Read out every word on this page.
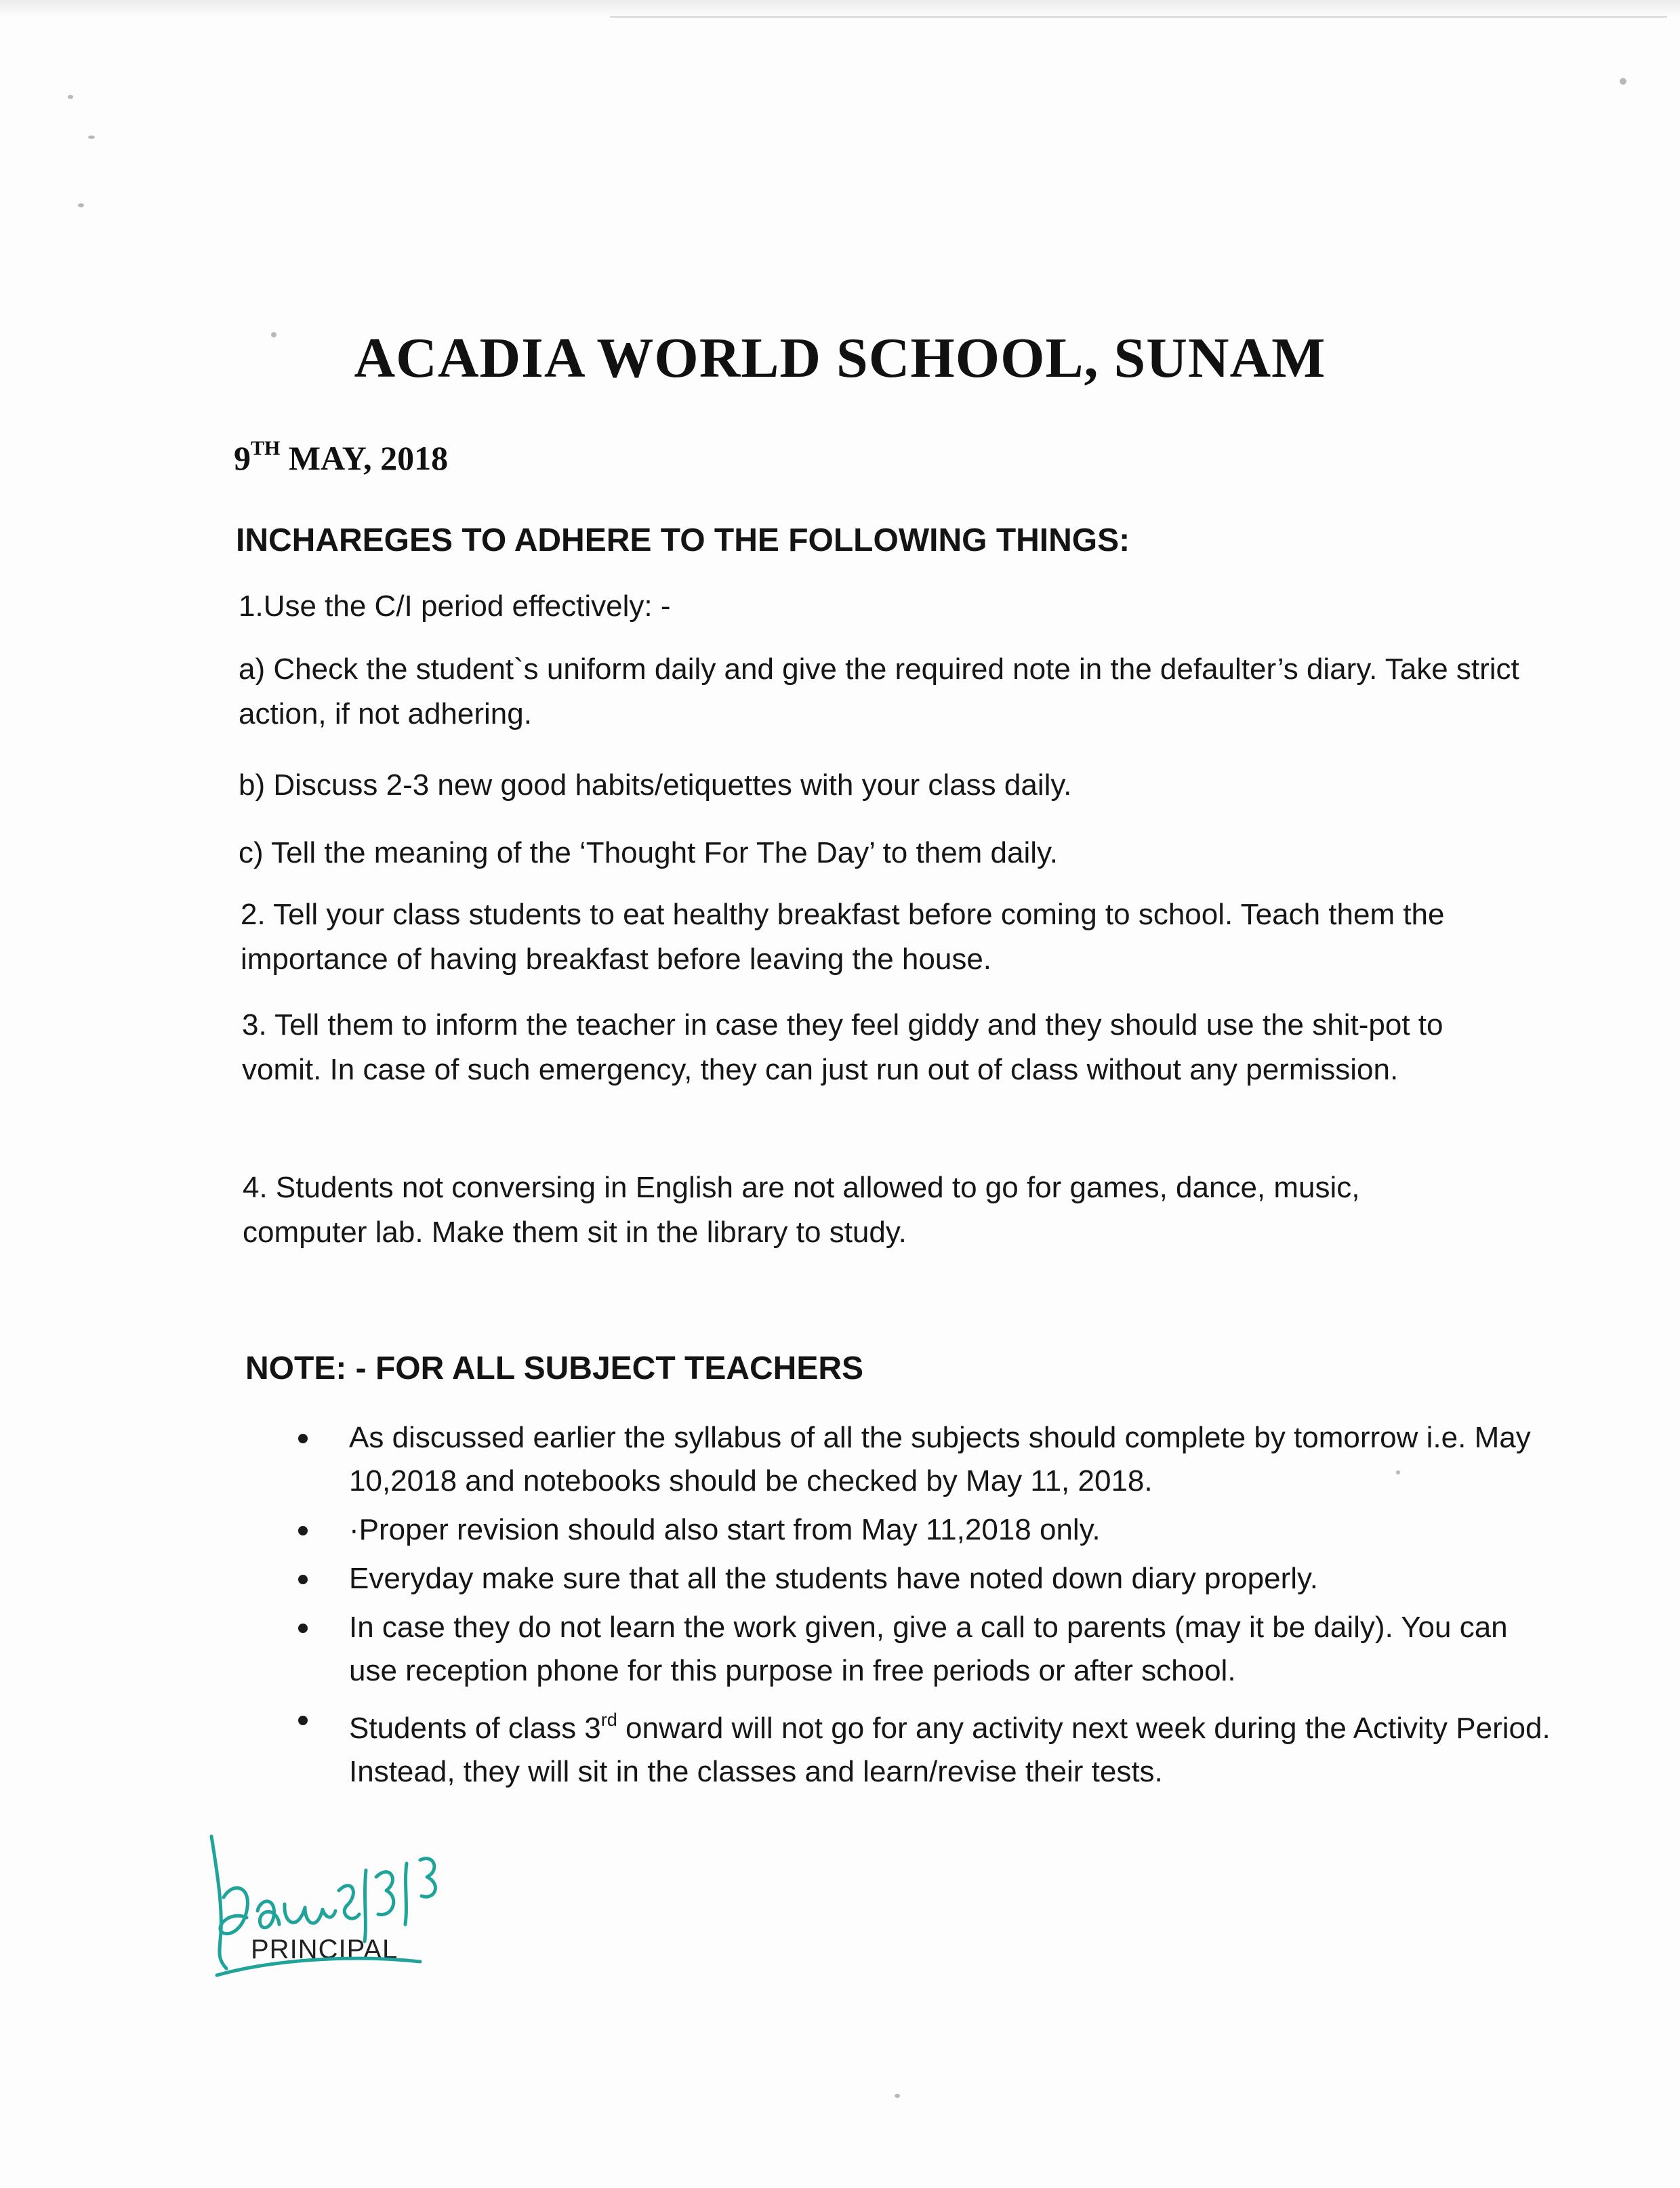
ACADIA WORLD SCHOOL, SUNAM
9TH MAY, 2018
INCHAREGES TO ADHERE TO THE FOLLOWING THINGS:

1.Use the C/I period effectively: -

a) Check the student`s uniform daily and give the required note in the defaulter’s diary. Take strict action, if not adhering.

b) Discuss 2-3 new good habits/etiquettes with your class daily.

c) Tell the meaning of the ‘Thought For The Day’ to them daily.

2. Tell your class students to eat healthy breakfast before coming to school. Teach them the importance of having breakfast before leaving the house.

3. Tell them to inform the teacher in case they feel giddy and they should use the shit-pot to vomit. In case of such emergency, they can just run out of class without any permission.

4. Students not conversing in English are not allowed to go for games, dance, music, computer lab. Make them sit in the library to study.

NOTE: - FOR ALL SUBJECT TEACHERS
As discussed earlier the syllabus of all the subjects should complete by tomorrow i.e. May 10,2018 and notebooks should be checked by May 11, 2018.
·Proper revision should also start from May 11,2018 only.
Everyday make sure that all the students have noted down diary properly.
In case they do not learn the work given, give a call to parents (may it be daily). You can use reception phone for this purpose in free periods or after school.
Students of class 3rd onward will not go for any activity next week during the Activity Period. Instead, they will sit in the classes and learn/revise their tests.
PRINCIPAL
